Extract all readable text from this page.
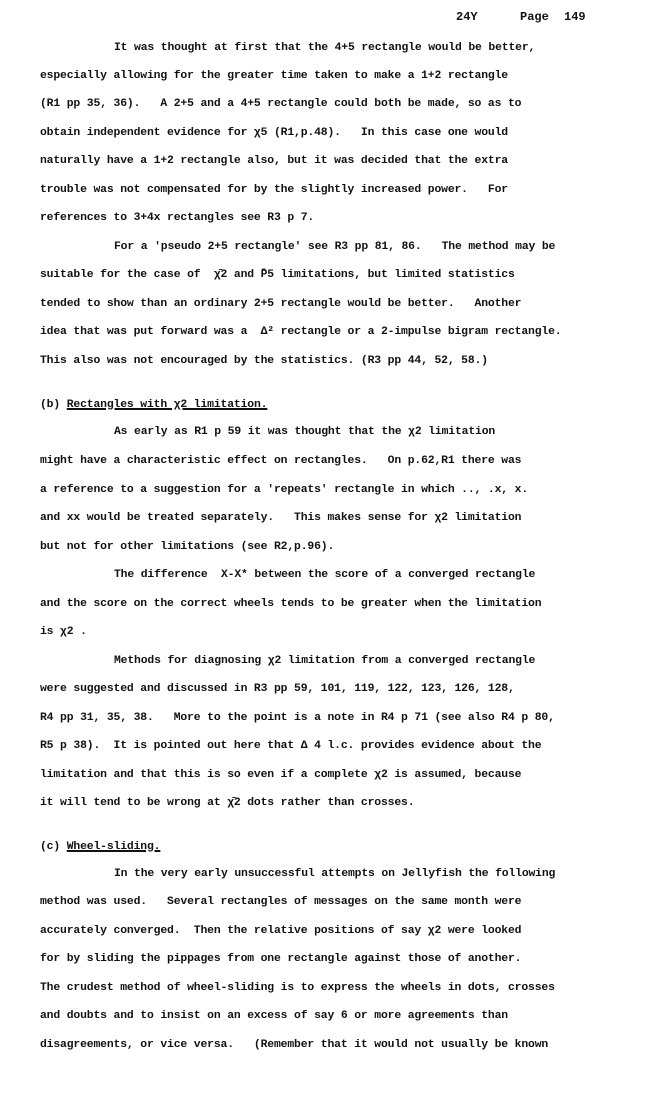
24Y	Page 149
It was thought at first that the 4+5 rectangle would be better,
especially allowing for the greater time taken to make a 1+2 rectangle
(R1 pp 35, 36).   A 2+5 and a 4+5 rectangle could both be made, so as to
obtain independent evidence for χ5 (R1,p.48).   In this case one would
naturally have a 1+2 rectangle also, but it was decided that the extra
trouble was not compensated for by the slightly increased power.   For
references to 3+4x rectangles see R3 p 7.
For a 'pseudo 2+5 rectangle' see R3 pp 81, 86.   The method may be
suitable for the case of  χ̄2 and P̄5 limitations, but limited statistics
tended to show than an ordinary 2+5 rectangle would be better.   Another
idea that was put forward was a  Δ² rectangle or a 2-impulse bigram rectangle.
This also was not encouraged by the statistics. (R3 pp 44, 52, 58.)
(b) Rectangles with χ2 limitation.
As early as R1 p 59 it was thought that the χ2 limitation
might have a characteristic effect on rectangles.   On p.62,R1 there was
a reference to a suggestion for a 'repeats' rectangle in which .., .x, x.
and xx would be treated separately.   This makes sense for χ2 limitation
but not for other limitations (see R2,p.96).
The difference  X-X* between the score of a converged rectangle
and the score on the correct wheels tends to be greater when the limitation
is χ2 .
Methods for diagnosing χ2 limitation from a converged rectangle
were suggested and discussed in R3 pp 59, 101, 119, 122, 123, 126, 128,
R4 pp 31, 35, 38.   More to the point is a note in R4 p 71 (see also R4 p 80,
R5 p 38).  It is pointed out here that Δ 4 l.c. provides evidence about the
limitation and that this is so even if a complete χ2 is assumed, because
it will tend to be wrong at χ̄2 dots rather than crosses.
(c) Wheel-sliding.
In the very early unsuccessful attempts on Jellyfish the following
method was used.   Several rectangles of messages on the same month were
accurately converged.  Then the relative positions of say χ2 were looked
for by sliding the pippages from one rectangle against those of another.
The crudest method of wheel-sliding is to express the wheels in dots, crosses
and doubts and to insist on an excess of say 6 or more agreements than
disagreements, or vice versa.   (Remember that it would not usually be known
